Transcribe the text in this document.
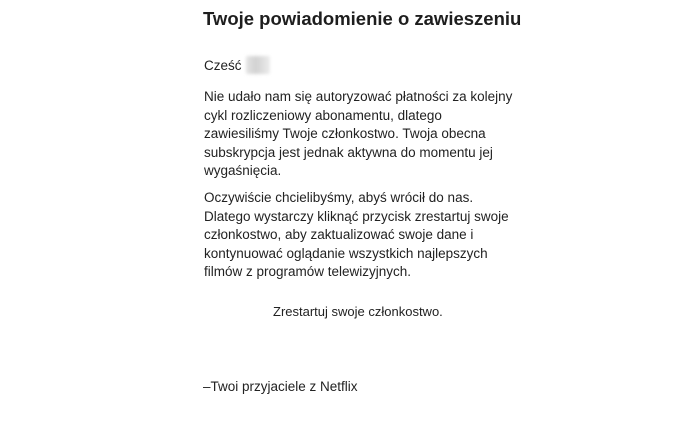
Twoje powiadomienie o zawieszeniu
Cześć

Nie udało nam się autoryzować płatności za kolejny
cykl rozliczeniowy abonamentu, dlatego
zawiesiliśmy Twoje członkostwo. Twoja obecna
subskrypcja jest jednak aktywna do momentu jej
wygaśnięcia.

Oczywiście chcielibyśmy, abyś wrócił do nas.
Dlatego wystarczy kliknąć przycisk zrestartuj swoje
członkostwo, aby zaktualizować swoje dane i
kontynuować oglądanie wszystkich najlepszych
filmów z programów telewizyjnych.

Zrestartuj swoje członkostwo.
–Twoi przyjaciele z Netflix
